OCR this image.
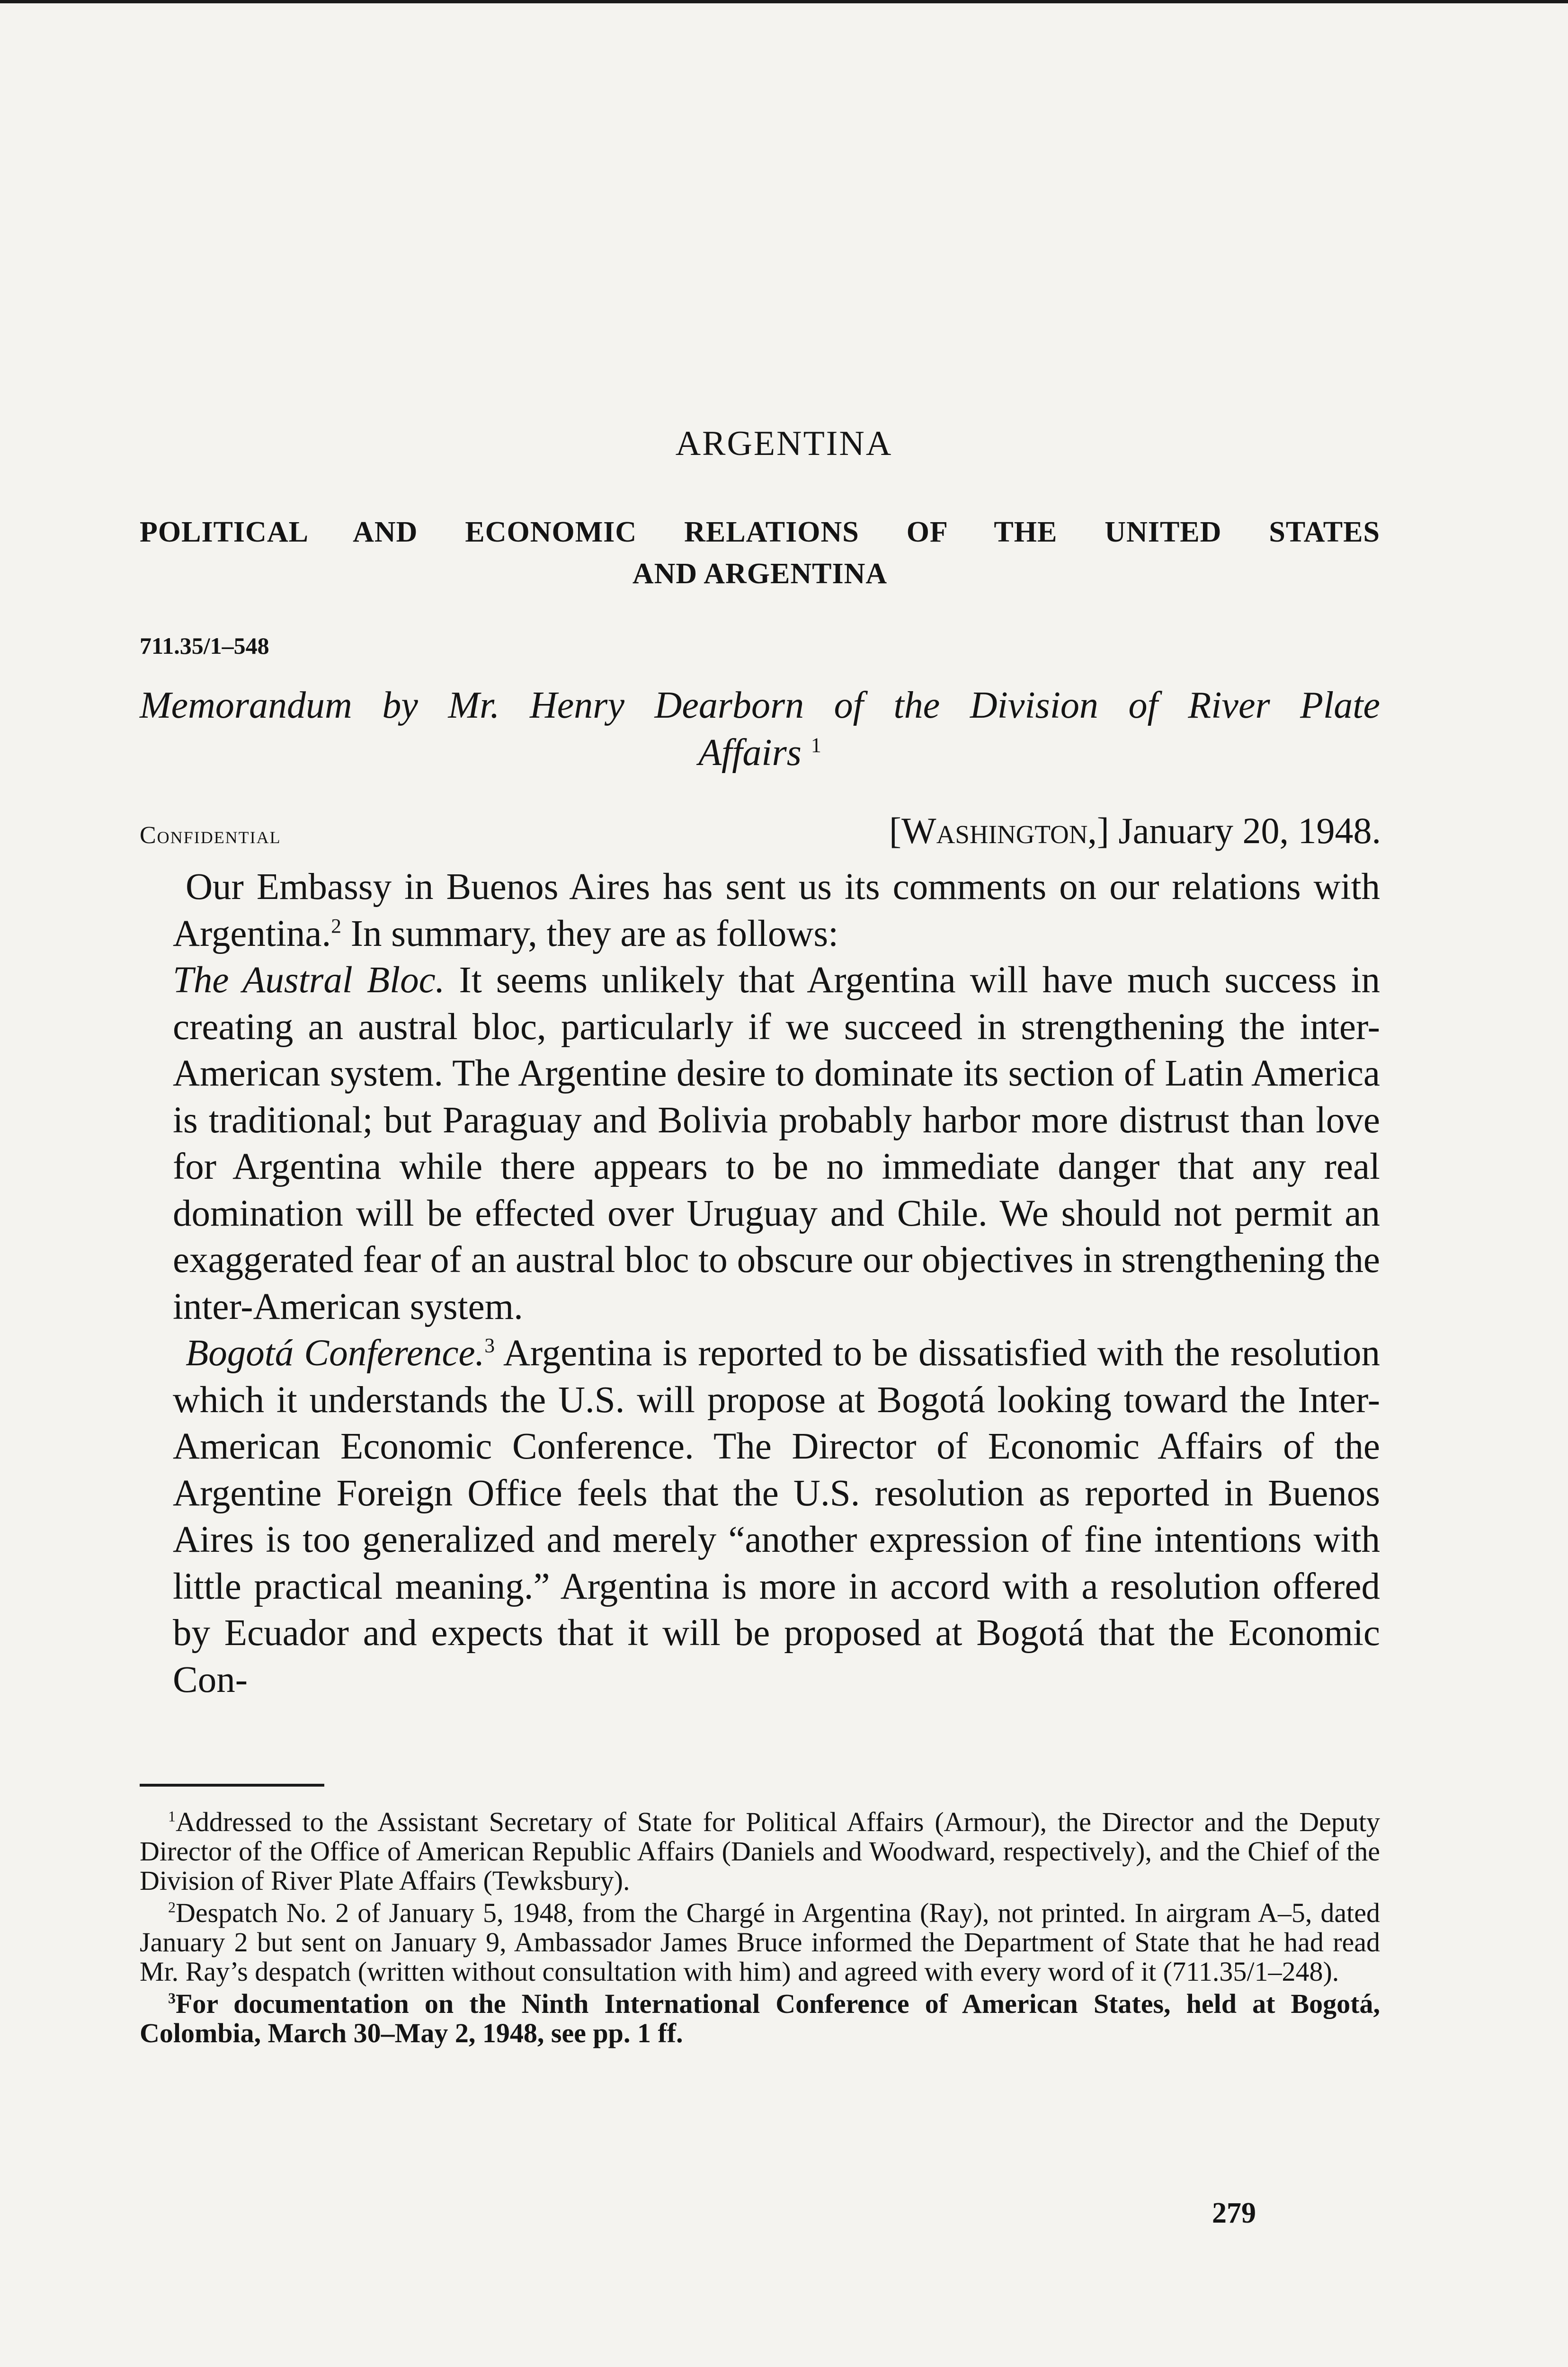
ARGENTINA
POLITICAL AND ECONOMIC RELATIONS OF THE UNITED STATES
AND ARGENTINA
711.35/1–548
Memorandum by Mr. Henry Dearborn of the Division of River Plate
Affairs $^1$
Confidential	[Washington,] January 20, 1948.

Our Embassy in Buenos Aires has sent us its comments on our relations with Argentina.$^2$ In summary, they are as follows:

The Austral Bloc. It seems unlikely that Argentina will have much success in creating an austral bloc, particularly if we succeed in strengthening the inter-American system. The Argentine desire to dominate its section of Latin America is traditional; but Paraguay and Bolivia probably harbor more distrust than love for Argentina while there appears to be no immediate danger that any real domination will be effected over Uruguay and Chile. We should not permit an exaggerated fear of an austral bloc to obscure our objectives in strengthening the inter-American system.

Bogotá Conference.$^3$ Argentina is reported to be dissatisfied with the resolution which it understands the U.S. will propose at Bogotá looking toward the Inter-American Economic Conference. The Director of Economic Affairs of the Argentine Foreign Office feels that the U.S. resolution as reported in Buenos Aires is too generalized and merely “another expression of fine intentions with little practical meaning.” Argentina is more in accord with a resolution offered by Ecuador and expects that it will be proposed at Bogotá that the Economic Con-

$^1$Addressed to the Assistant Secretary of State for Political Affairs (Armour), the Director and the Deputy Director of the Office of American Republic Affairs (Daniels and Woodward, respectively), and the Chief of the Division of River Plate Affairs (Tewksbury).

$^2$Despatch No. 2 of January 5, 1948, from the Chargé in Argentina (Ray), not printed. In airgram A–5, dated January 2 but sent on January 9, Ambassador James Bruce informed the Department of State that he had read Mr. Ray’s despatch (written without consultation with him) and agreed with every word of it (711.35/1–248).

$^3$For documentation on the Ninth International Conference of American States, held at Bogotá, Colombia, March 30–May 2, 1948, see pp. 1 ff.

279
